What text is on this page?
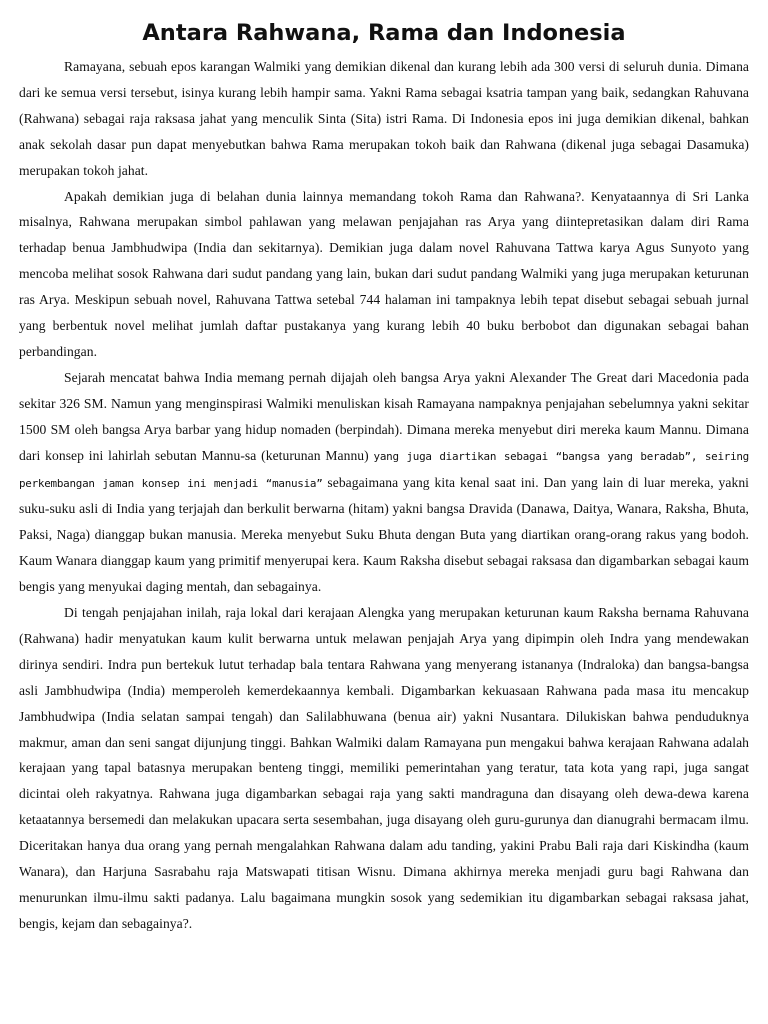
Antara Rahwana, Rama dan Indonesia

Ramayana, sebuah epos karangan Walmiki yang demikian dikenal dan kurang lebih ada 300 versi di seluruh dunia. Dimana dari ke semua versi tersebut, isinya kurang lebih hampir sama. Yakni Rama sebagai ksatria tampan yang baik, sedangkan Rahuvana (Rahwana) sebagai raja raksasa jahat yang menculik Sinta (Sita) istri Rama. Di Indonesia epos ini juga demikian dikenal, bahkan anak sekolah dasar pun dapat menyebutkan bahwa Rama merupakan tokoh baik dan Rahwana (dikenal juga sebagai Dasamuka) merupakan tokoh jahat.

Apakah demikian juga di belahan dunia lainnya memandang tokoh Rama dan Rahwana?. Kenyataannya di Sri Lanka misalnya, Rahwana merupakan simbol pahlawan yang melawan penjajahan ras Arya yang diintepretasikan dalam diri Rama terhadap benua Jambhudwipa (India dan sekitarnya). Demikian juga dalam novel Rahuvana Tattwa karya Agus Sunyoto yang mencoba melihat sosok Rahwana dari sudut pandang yang lain, bukan dari sudut pandang Walmiki yang juga merupakan keturunan ras Arya. Meskipun sebuah novel, Rahuvana Tattwa setebal 744 halaman ini tampaknya lebih tepat disebut sebagai sebuah jurnal yang berbentuk novel melihat jumlah daftar pustakanya yang kurang lebih 40 buku berbobot dan digunakan sebagai bahan perbandingan.

Sejarah mencatat bahwa India memang pernah dijajah oleh bangsa Arya yakni Alexander The Great dari Macedonia pada sekitar 326 SM. Namun yang menginspirasi Walmiki menuliskan kisah Ramayana nampaknya penjajahan sebelumnya yakni sekitar 1500 SM oleh bangsa Arya barbar yang hidup nomaden (berpindah). Dimana mereka menyebut diri mereka kaum Mannu. Dimana dari konsep ini lahirlah sebutan Mannu-sa (keturunan Mannu) yang juga diartikan sebagai “bangsa yang beradab”, seiring perkembangan jaman konsep ini menjadi “manusia” sebagaimana yang kita kenal saat ini. Dan yang lain di luar mereka, yakni suku-suku asli di India yang terjajah dan berkulit berwarna (hitam) yakni bangsa Dravida (Danawa, Daitya, Wanara, Raksha, Bhuta, Paksi, Naga) dianggap bukan manusia. Mereka menyebut Suku Bhuta dengan Buta yang diartikan orang-orang rakus yang bodoh. Kaum Wanara dianggap kaum yang primitif menyerupai kera. Kaum Raksha disebut sebagai raksasa dan digambarkan sebagai kaum bengis yang menyukai daging mentah, dan sebagainya.

Di tengah penjajahan inilah, raja lokal dari kerajaan Alengka yang merupakan keturunan kaum Raksha bernama Rahuvana (Rahwana) hadir menyatukan kaum kulit berwarna untuk melawan penjajah Arya yang dipimpin oleh Indra yang mendewakan dirinya sendiri. Indra pun bertekuk lutut terhadap bala tentara Rahwana yang menyerang istananya (Indraloka) dan bangsa-bangsa asli Jambhudwipa (India) memperoleh kemerdekaannya kembali. Digambarkan kekuasaan Rahwana pada masa itu mencakup Jambhudwipa (India selatan sampai tengah) dan Salilabhuwana (benua air) yakni Nusantara. Dilukiskan bahwa penduduknya makmur, aman dan seni sangat dijunjung tinggi. Bahkan Walmiki dalam Ramayana pun mengakui bahwa kerajaan Rahwana adalah kerajaan yang tapal batasnya merupakan benteng tinggi, memiliki pemerintahan yang teratur, tata kota yang rapi, juga sangat dicintai oleh rakyatnya. Rahwana juga digambarkan sebagai raja yang sakti mandraguna dan disayang oleh dewa-dewa karena ketaatannya bersemedi dan melakukan upacara serta sesembahan, juga disayang oleh guru-gurunya dan dianugrahi bermacam ilmu. Diceritakan hanya dua orang yang pernah mengalahkan Rahwana dalam adu tanding, yakini Prabu Bali raja dari Kiskindha (kaum Wanara), dan Harjuna Sasrabahu raja Matswapati titisan Wisnu. Dimana akhirnya mereka menjadi guru bagi Rahwana dan menurunkan ilmu-ilmu sakti padanya. Lalu bagaimana mungkin sosok yang sedemikian itu digambarkan sebagai raksasa jahat, bengis, kejam dan sebagainya?.
